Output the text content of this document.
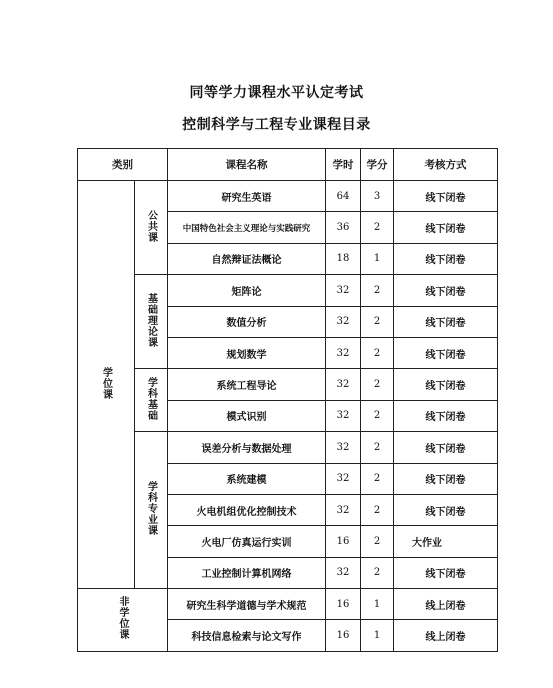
同等学力课程水平认定考试
控制科学与工程专业课程目录
类别		课程名称	学时	学分	考核方式
学位课	公共课	研究生英语	64	3	线下闭卷
		中国特色社会主义理论与实践研究	36	2	线下闭卷
		自然辩证法概论	18	1	线下闭卷
	基础理论课	矩阵论	32	2	线下闭卷
		数值分析	32	2	线下闭卷
		规划数学	32	2	线下闭卷
	学科基础	系统工程导论	32	2	线下闭卷
		模式识别	32	2	线下闭卷
	学科专业课	误差分析与数据处理	32	2	线下闭卷
		系统建模	32	2	线下闭卷
		火电机组优化控制技术	32	2	线下闭卷
		火电厂仿真运行实训	16	2	大作业
		工业控制计算机网络	32	2	线下闭卷
非学位课		研究生科学道德与学术规范	16	1	线上闭卷
		科技信息检索与论文写作	16	1	线上闭卷
